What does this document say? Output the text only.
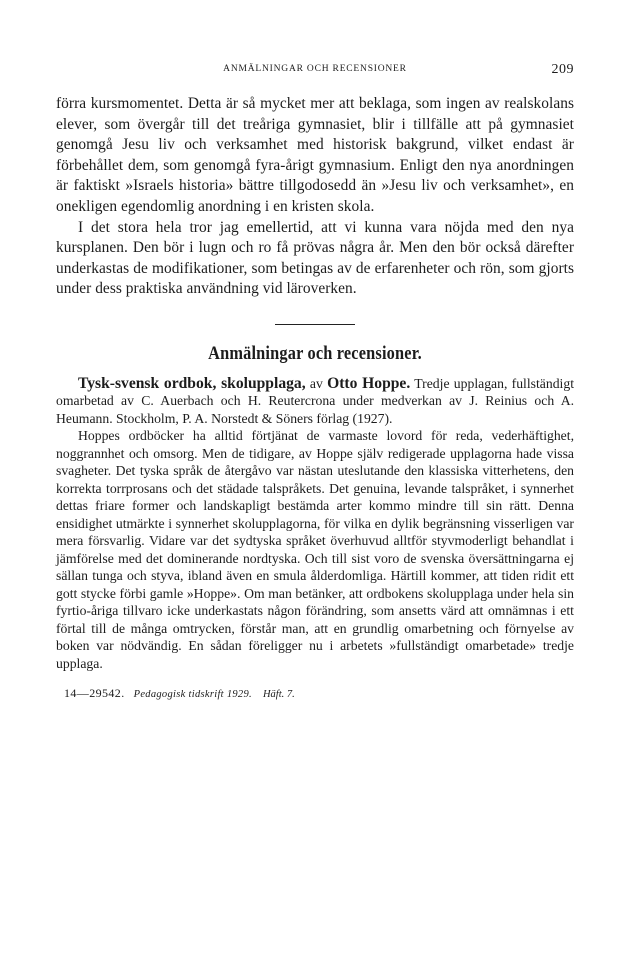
ANMÄLNINGAR OCH RECENSIONER	209

förra kursmomentet. Detta är så mycket mer att beklaga, som ingen av realskolans elever, som övergår till det treåriga gymnasiet, blir i tillfälle att på gymnasiet genomgå Jesu liv och verksamhet med historisk bakgrund, vilket endast är förbehållet dem, som genomgå fyra-årigt gymnasium. Enligt den nya anordningen är faktiskt »Israels historia» bättre tillgodosedd än »Jesu liv och verksamhet», en onekligen egendomlig anordning i en kristen skola.

I det stora hela tror jag emellertid, att vi kunna vara nöjda med den nya kursplanen. Den bör i lugn och ro få prövas några år. Men den bör också därefter underkastas de modifikationer, som betingas av de erfarenheter och rön, som gjorts under dess praktiska användning vid läroverken.

Anmälningar och recensioner.

Tysk-svensk ordbok, skolupplaga, av Otto Hoppe. Tredje upplagan, fullständigt omarbetad av C. Auerbach och H. Reutercrona under medverkan av J. Reinius och A. Heumann. Stockholm, P. A. Norstedt & Söners förlag (1927).

Hoppes ordböcker ha alltid förtjänat de varmaste lovord för reda, vederhäftighet, noggrannhet och omsorg. Men de tidigare, av Hoppe själv redigerade upplagorna hade vissa svagheter. Det tyska språk de återgåvo var nästan uteslutande den klassiska vitterhetens, den korrekta torrprosans och det städade talspråkets. Det genuina, levande talspråket, i synnerhet dettas friare former och landskapligt bestämda arter kommo mindre till sin rätt. Denna ensidighet utmärkte i synnerhet skolupplagorna, för vilka en dylik begränsning visserligen var mera försvarlig. Vidare var det sydtyska språket överhuvud alltför styvmoderligt behandlat i jämförelse med det dominerande nordtyska. Och till sist voro de svenska översättningarna ej sällan tunga och styva, ibland även en smula ålderdomliga. Härtill kommer, att tiden ridit ett gott stycke förbi gamle »Hoppe». Om man betänker, att ordbokens skolupplaga under hela sin fyrtio-åriga tillvaro icke underkastats någon förändring, som ansetts värd att omnämnas i ett förtal till de många omtrycken, förstår man, att en grundlig omarbetning och förnyelse av boken var nödvändig. En sådan föreligger nu i arbetets »fullständigt omarbetade» tredje upplaga.

14—29542. Pedagogisk tidskrift 1929. Häft. 7.
